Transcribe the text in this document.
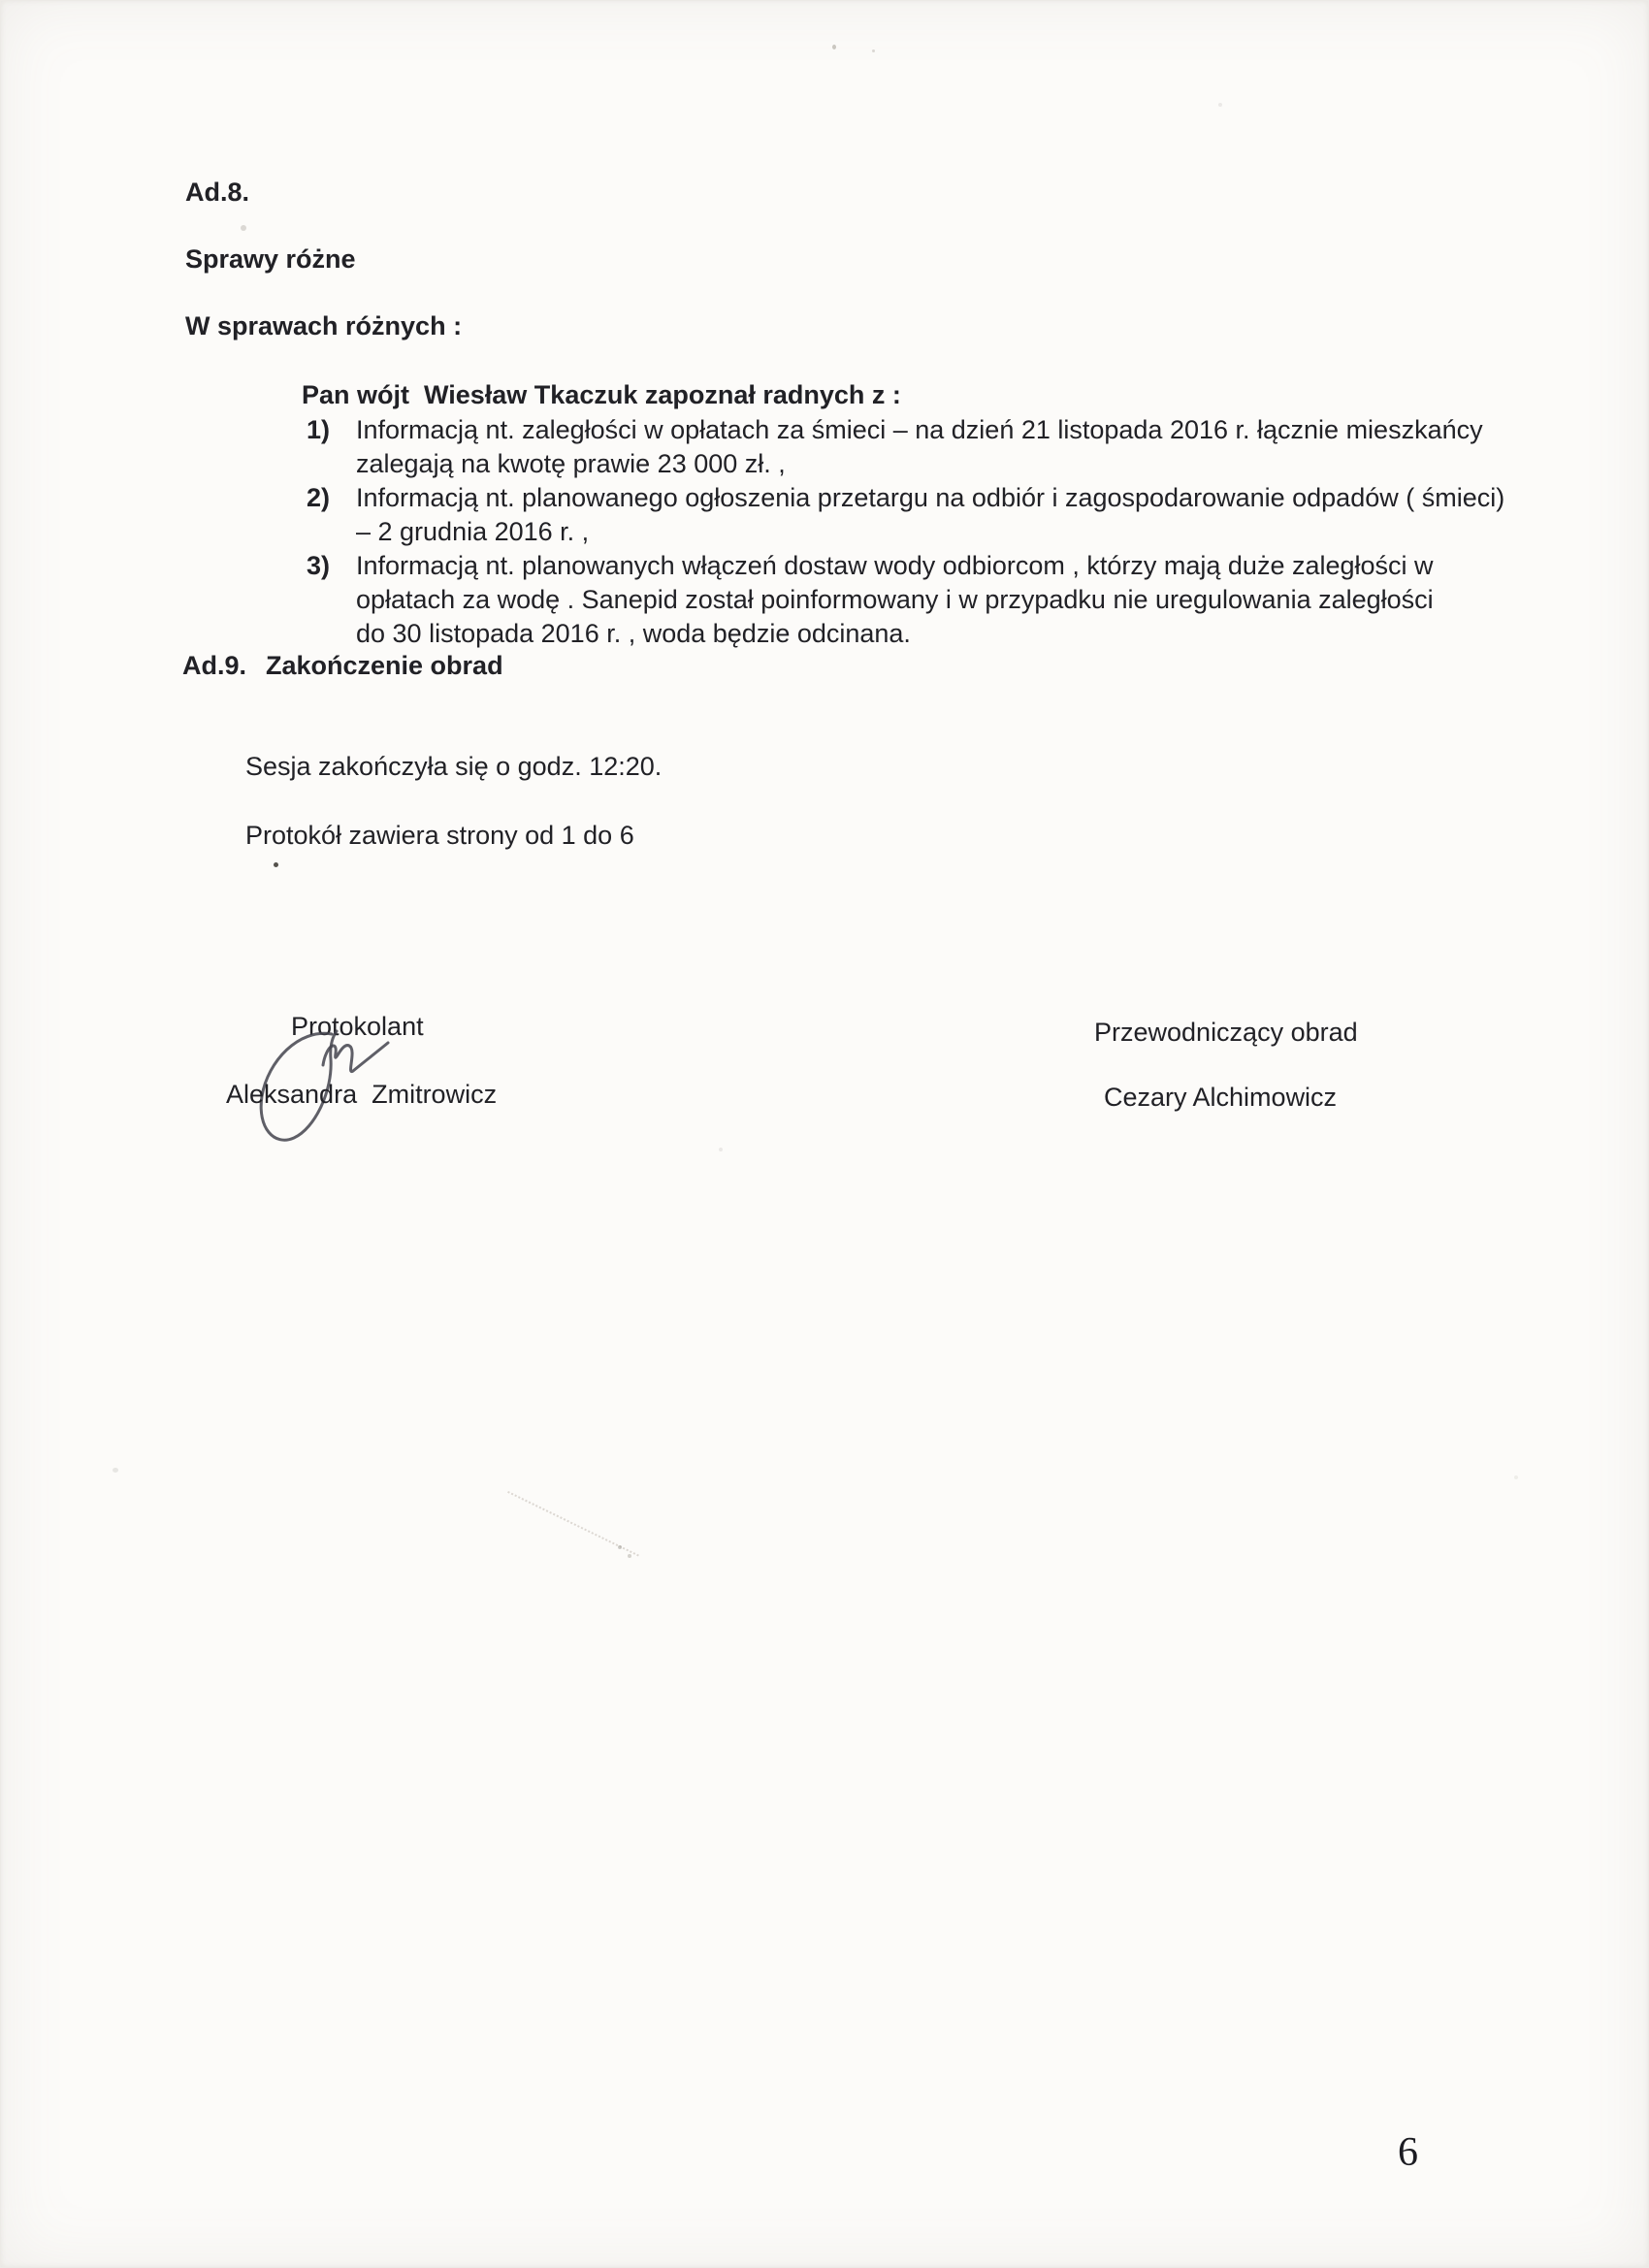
Ad.8.
Sprawy różne
W sprawach różnych :
Pan wójt  Wiesław Tkaczuk zapoznał radnych z :
1) Informacją nt. zaległości w opłatach za śmieci – na dzień 21 listopada 2016 r. łącznie mieszkańcy
zalegają na kwotę prawie 23 000 zł. ,
2) Informacją nt. planowanego ogłoszenia przetargu na odbiór i zagospodarowanie odpadów ( śmieci)
– 2 grudnia 2016 r. ,
3) Informacją nt. planowanych włączeń dostaw wody odbiorcom , którzy mają duże zaległości w
opłatach za wodę . Sanepid został poinformowany i w przypadku nie uregulowania zaległości
do 30 listopada 2016 r. , woda będzie odcinana.
Ad.9. Zakończenie obrad
Sesja zakończyła się o godz. 12:20.
Protokół zawiera strony od 1 do 6
Protokolant
Aleksandra  Zmitrowicz
Przewodniczący obrad
Cezary Alchimowicz
6
